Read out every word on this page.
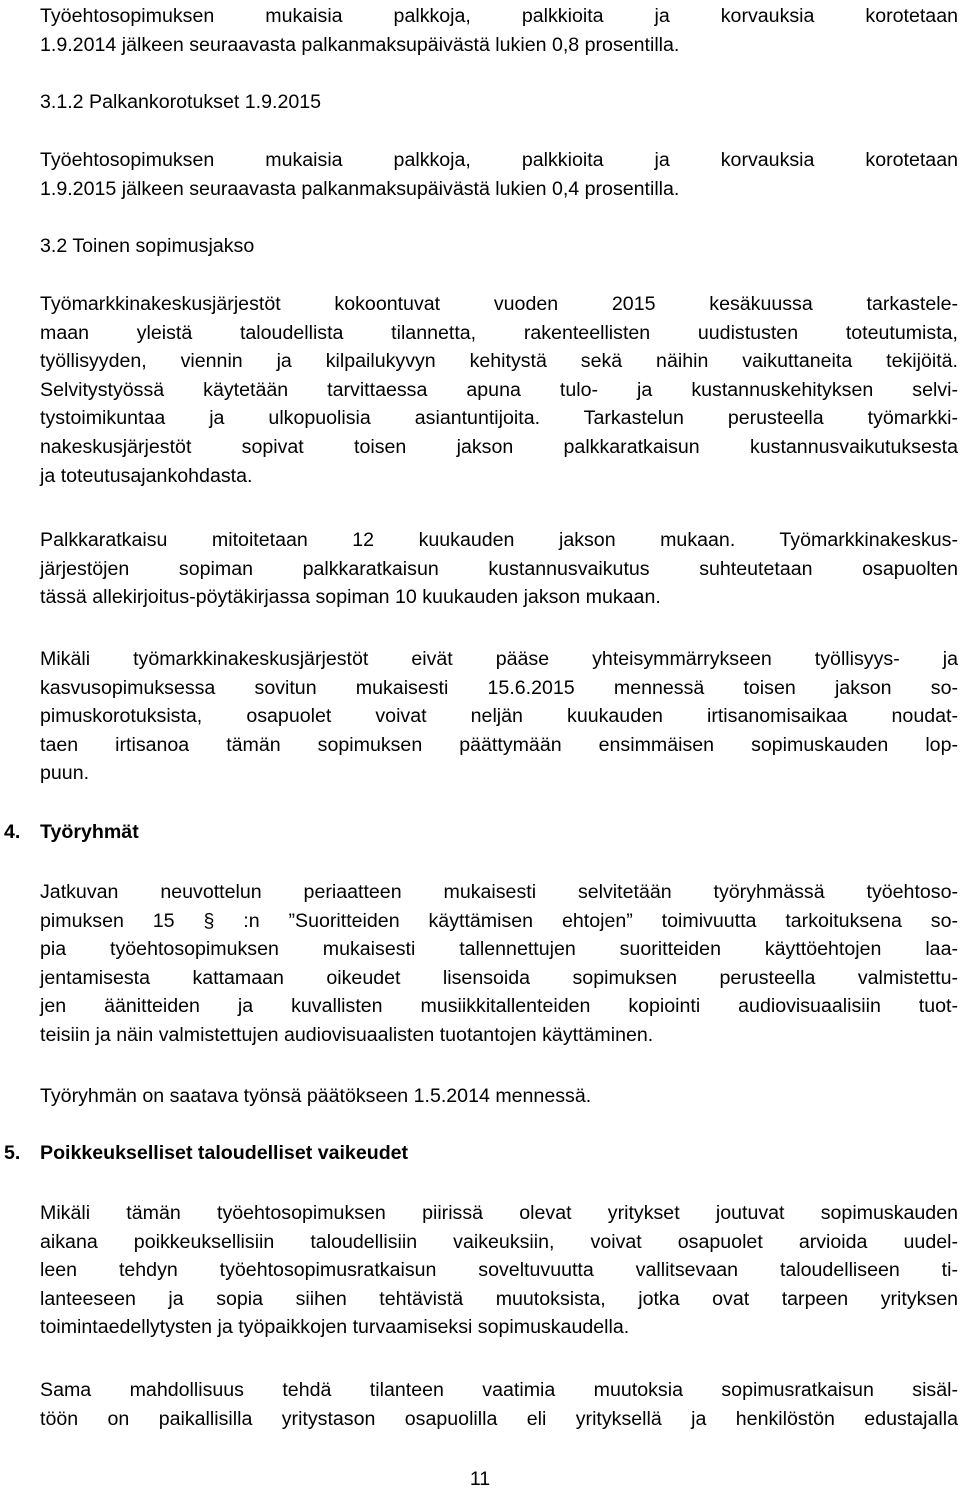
Työehtosopimuksen mukaisia palkkoja, palkkioita ja korvauksia korotetaan
1.9.2014 jälkeen seuraavasta palkanmaksupäivästä lukien 0,8 prosentilla.
3.1.2 Palkankorotukset 1.9.2015
Työehtosopimuksen mukaisia palkkoja, palkkioita ja korvauksia korotetaan
1.9.2015 jälkeen seuraavasta palkanmaksupäivästä lukien 0,4 prosentilla.
3.2 Toinen sopimusjakso
Työmarkkinakeskusjärjestöt kokoontuvat vuoden 2015 kesäkuussa tarkastele-
maan yleistä taloudellista tilannetta, rakenteellisten uudistusten toteutumista,
työllisyyden, viennin ja kilpailukyvyn kehitystä sekä näihin vaikuttaneita tekijöitä.
Selvitystyössä käytetään tarvittaessa apuna tulo- ja kustannuskehityksen selvi-
tystoimikuntaa ja ulkopuolisia asiantuntijoita. Tarkastelun perusteella työmarkki-
nakeskusjärjestöt sopivat toisen jakson palkkaratkaisun kustannusvaikutuksesta
ja toteutusajankohdasta.
Palkkaratkaisu mitoitetaan 12 kuukauden jakson mukaan. Työmarkkinakeskus-
järjestöjen sopiman palkkaratkaisun kustannusvaikutus suhteutetaan osapuolten
tässä allekirjoitus-pöytäkirjassa sopiman 10 kuukauden jakson mukaan.
Mikäli työmarkkinakeskusjärjestöt eivät pääse yhteisymmärrykseen työllisyys- ja
kasvusopimuksessa sovitun mukaisesti 15.6.2015 mennessä toisen jakson so-
pimuskorotuksista, osapuolet voivat neljän kuukauden irtisanomisaikaa noudat-
taen irtisanoa tämän sopimuksen päättymään ensimmäisen sopimuskauden lop-
puun.
4. Työryhmät
Jatkuvan neuvottelun periaatteen mukaisesti selvitetään työryhmässä työehtoso-
pimuksen 15 § :n ”Suoritteiden käyttämisen ehtojen” toimivuutta tarkoituksena so-
pia työehtosopimuksen mukaisesti tallennettujen suoritteiden käyttöehtojen laa-
jentamisesta kattamaan oikeudet lisensoida sopimuksen perusteella valmistettu-
jen äänitteiden ja kuvallisten musiikkitallenteiden kopiointi audiovisuaalisiin tuot-
teisiin ja näin valmistettujen audiovisuaalisten tuotantojen käyttäminen.
Työryhmän on saatava työnsä päätökseen 1.5.2014 mennessä.
5. Poikkeukselliset taloudelliset vaikeudet
Mikäli tämän työehtosopimuksen piirissä olevat yritykset joutuvat sopimuskauden
aikana poikkeuksellisiin taloudellisiin vaikeuksiin, voivat osapuolet arvioida uudel-
leen tehdyn työehtosopimusratkaisun soveltuvuutta vallitsevaan taloudelliseen ti-
lanteeseen ja sopia siihen tehtävistä muutoksista, jotka ovat tarpeen yrityksen
toimintaedellytysten ja työpaikkojen turvaamiseksi sopimuskaudella.
Sama mahdollisuus tehdä tilanteen vaatimia muutoksia sopimusratkaisun sisäl-
töön on paikallisilla yritystason osapuolilla eli yrityksellä ja henkilöstön edustajalla
11
